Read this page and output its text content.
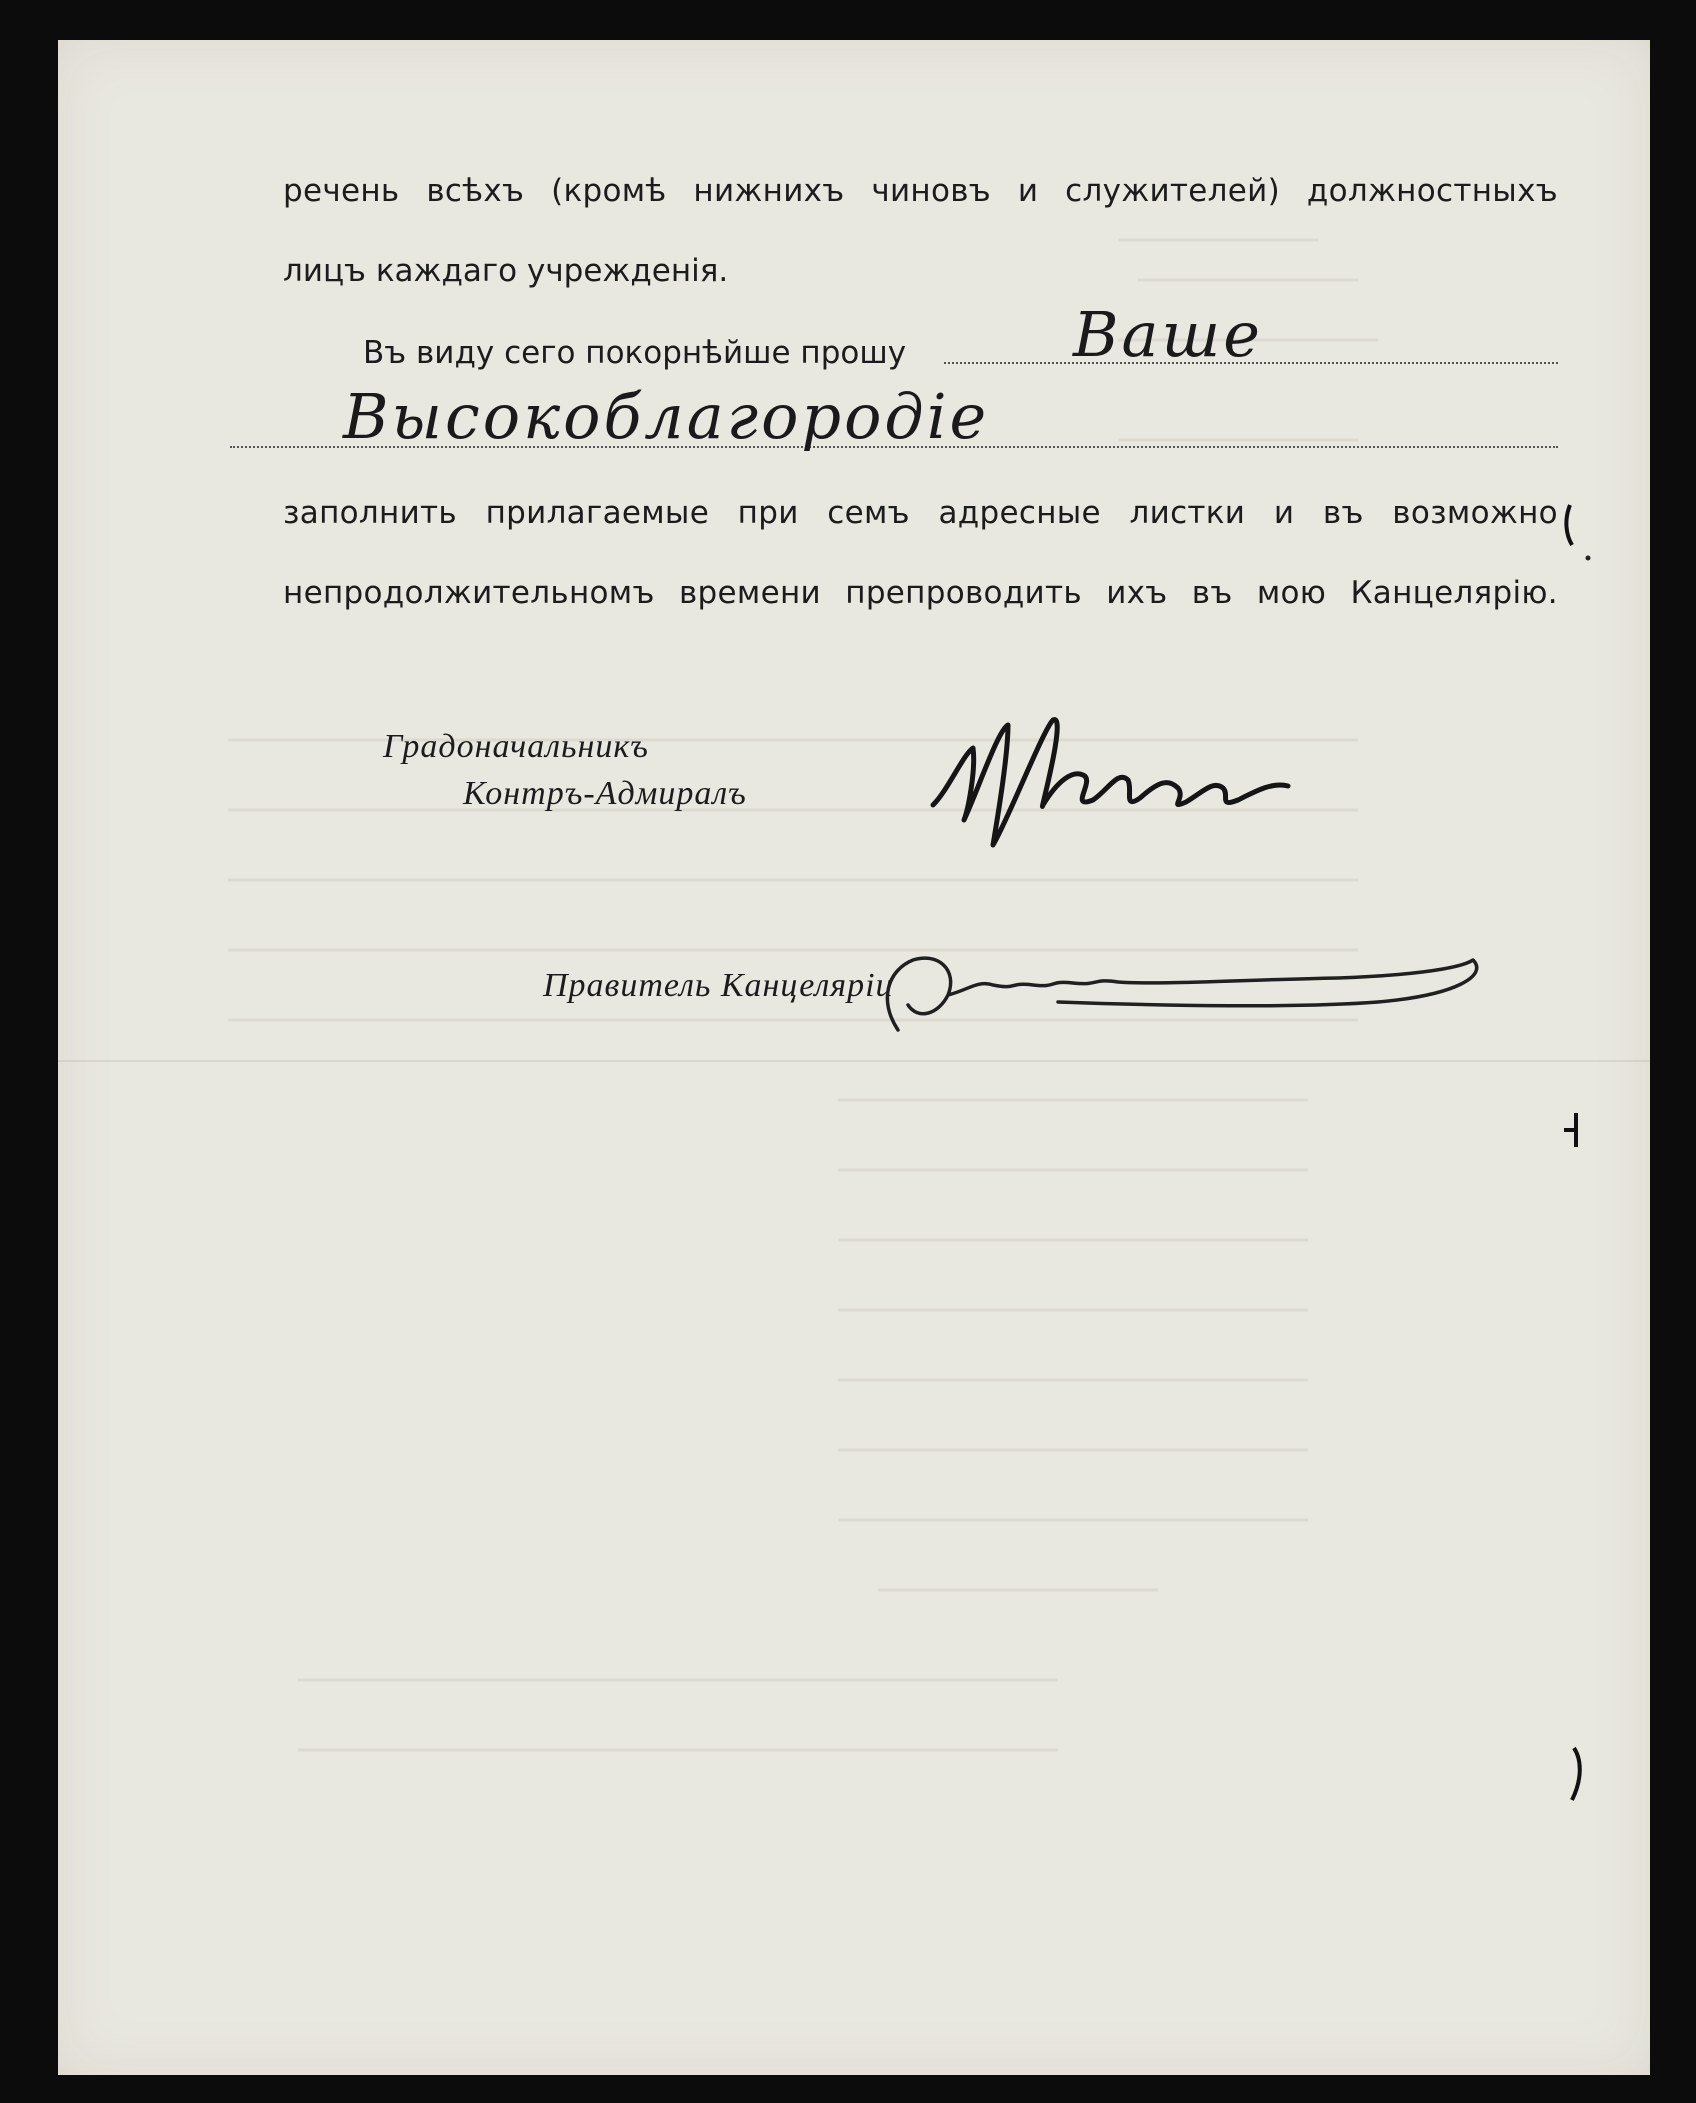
речень всѣхъ (кромѣ нижнихъ чиновъ и служителей) должностныхъ
лицъ каждаго учрежденія.
Въ виду сего покорнѣйше прошу	Ваше
Высокоблагородіе
заполнить прилагаемые при семъ адресные листки и въ возможно
непродолжительномъ времени препроводить ихъ въ мою Канцелярію.
Градоначальникъ
Контръ-Адмиралъ
Правитель Канцеляріи
